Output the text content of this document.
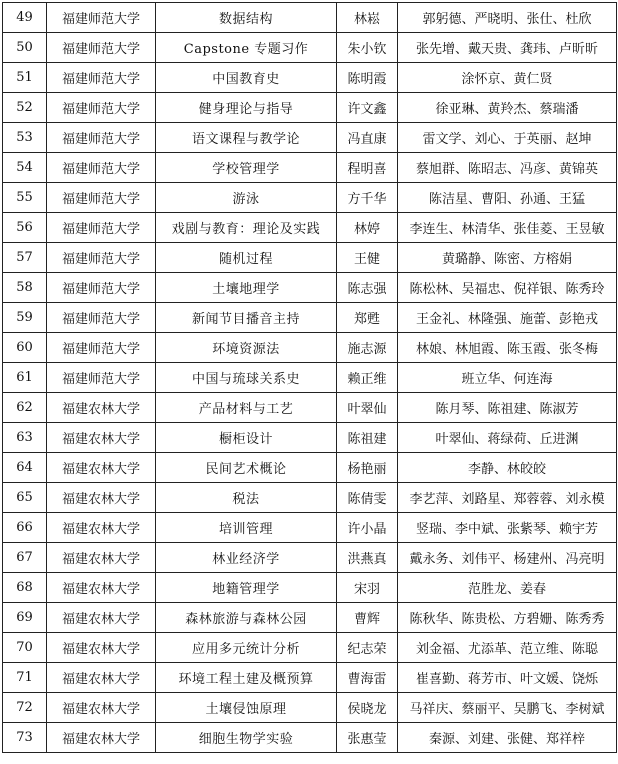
49	福建师范大学	数据结构	林崧	郭躬德、严晓明、张仕、杜欣
50	福建师范大学	Capstone 专题习作	朱小钦	张先增、戴天贵、龚玮、卢昕昕
51	福建师范大学	中国教育史	陈明霞	涂怀京、黄仁贤
52	福建师范大学	健身理论与指导	许文鑫	徐亚琳、黄羚杰、蔡瑞潘
53	福建师范大学	语文课程与教学论	冯直康	雷文学、刘心、于英丽、赵坤
54	福建师范大学	学校管理学	程明喜	蔡旭群、陈昭志、冯彦、黄锦英
55	福建师范大学	游泳	方千华	陈洁星、曹阳、孙通、王猛
56	福建师范大学	戏剧与教育：理论及实践	林婷	李连生、林清华、张佳菱、王昱敏
57	福建师范大学	随机过程	王健	黄璐静、陈密、方榕娟
58	福建师范大学	土壤地理学	陈志强	陈松林、吴福忠、倪祥银、陈秀玲
59	福建师范大学	新闻节目播音主持	郑甦	王金礼、林隆强、施蕾、彭艳戎
60	福建师范大学	环境资源法	施志源	林娘、林旭霞、陈玉霞、张冬梅
61	福建师范大学	中国与琉球关系史	赖正维	班立华、何连海
62	福建农林大学	产品材料与工艺	叶翠仙	陈月琴、陈祖建、陈淑芳
63	福建农林大学	橱柜设计	陈祖建	叶翠仙、蒋绿荷、丘进渊
64	福建农林大学	民间艺术概论	杨艳丽	李静、林皎皎
65	福建农林大学	税法	陈倩雯	李艺萍、刘路星、郑蓉蓉、刘永模
66	福建农林大学	培训管理	许小晶	竖瑞、李中斌、张紫琴、赖宇芳
67	福建农林大学	林业经济学	洪燕真	戴永务、刘伟平、杨建州、冯亮明
68	福建农林大学	地籍管理学	宋羽	范胜龙、姜春
69	福建农林大学	森林旅游与森林公园	曹辉	陈秋华、陈贵松、方碧姗、陈秀秀
70	福建农林大学	应用多元统计分析	纪志荣	刘金福、尤添革、范立维、陈聪
71	福建农林大学	环境工程土建及概预算	曹海雷	崔喜勤、蒋芳市、叶文媛、饶烁
72	福建农林大学	土壤侵蚀原理	侯晓龙	马祥庆、蔡丽平、吴鹏飞、李树斌
73	福建农林大学	细胞生物学实验	张惠莹	秦源、刘建、张健、郑祥梓
